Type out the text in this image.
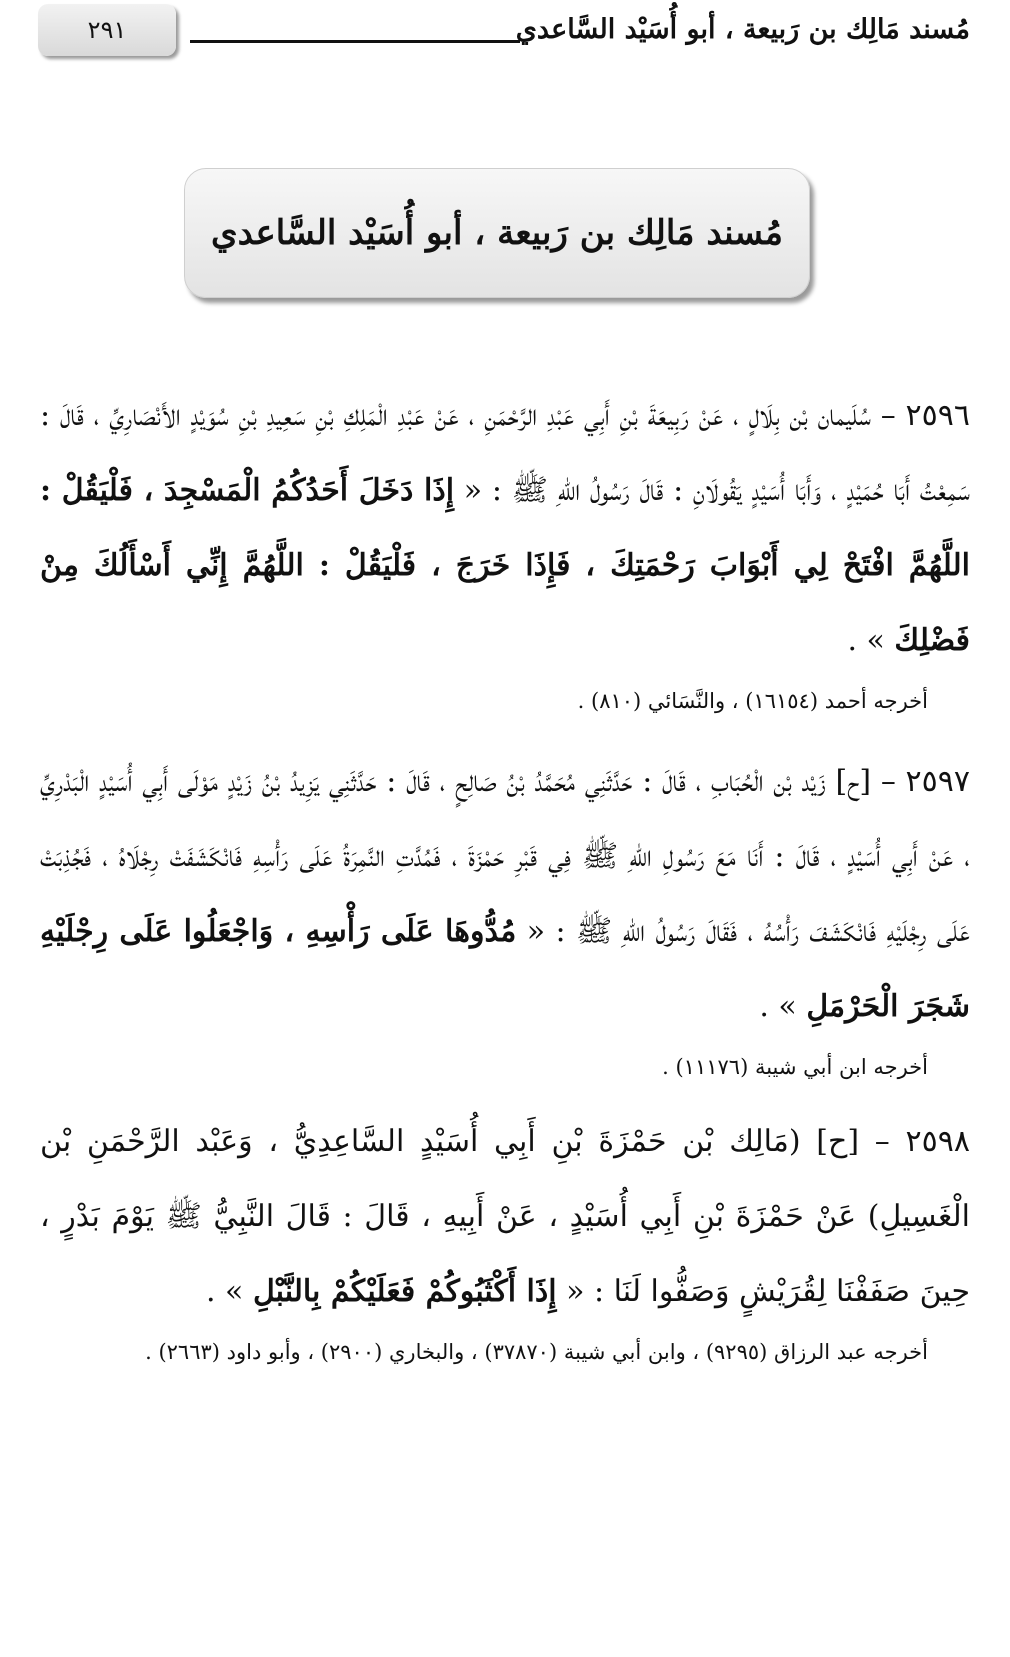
مُسند مَالِك بن رَبيعة ، أبو أُسَيْد السَّاعدي
٢٩١
مُسند مَالِك بن رَبيعة ، أبو أُسَيْد السَّاعدي

٢٥٩٦ – سُلَيمان بْن بِلَالٍ ، عَنْ رَبِيعَةَ بْنِ أَبِي عَبْدِ الرَّحْمَنِ ، عَنْ عَبْدِ الْمَلِكِ بْنِ سَعِيدِ بْنِ سُوَيْدٍ الأَنْصَارِيِّ ، قَالَ : سَمِعْتُ أَبَا حُمَيْدٍ ، وَأَبَا أُسَيْدٍ يَقُولَانِ : قَالَ رَسُولُ اللهِ ﷺ : « إِذَا دَخَلَ أَحَدُكُمُ الْمَسْجِدَ ، فَلْيَقُلْ : اللَّهُمَّ افْتَحْ لِي أَبْوَابَ رَحْمَتِكَ ، فَإِذَا خَرَجَ ، فَلْيَقُلْ : اللَّهُمَّ إِنِّي أَسْأَلُكَ مِنْ فَضْلِكَ » .

أخرجه أحمد (١٦١٥٤) ، والنَّسَائي (٨١٠) .

٢٥٩٧ – [ح] زَيْد بْن الْحُبَابِ ، قَالَ : حَدَّثَنِي مُحَمَّدُ بْنُ صَالِحٍ ، قَالَ : حَدَّثَنِي يَزِيدُ بْنُ زَيْدٍ مَوْلَى أَبِي أُسَيْدٍ الْبَدْرِيِّ ، عَنْ أَبِي أُسَيْدٍ ، قَالَ : أَنَا مَعَ رَسُولِ اللهِ ﷺ فِي قَبْرِ حَمْزَةَ ، فَمُدَّتِ النَّمِرَةُ عَلَى رَأْسِهِ فَانْكَشَفَتْ رِجْلَاهُ ، فَجُذِبَتْ عَلَى رِجْلَيْهِ فَانْكَشَفَ رَأْسُهُ ، فَقَالَ رَسُولُ اللهِ ﷺ : « مُدُّوهَا عَلَى رَأْسِهِ ، وَاجْعَلُوا عَلَى رِجْلَيْهِ شَجَرَ الْحَرْمَلِ » .

أخرجه ابن أبي شيبة (١١١٧٦) .

٢٥٩٨ – [ح] (مَالِك بْن حَمْزَةَ بْنِ أَبِي أُسَيْدٍ السَّاعِدِيُّ ، وَعَبْد الرَّحْمَنِ بْن الْغَسِيلِ) عَنْ حَمْزَةَ بْنِ أَبِي أُسَيْدٍ ، عَنْ أَبِيهِ ، قَالَ : قَالَ النَّبِيُّ ﷺ يَوْمَ بَدْرٍ ، حِينَ صَفَفْنَا لِقُرَيْشٍ وَصَفُّوا لَنَا : « إِذَا أَكْثَبُوكُمْ فَعَلَيْكُمْ بِالنَّبْلِ » .

أخرجه عبد الرزاق (٩٢٩٥) ، وابن أبي شيبة (٣٧٨٧٠) ، والبخاري (٢٩٠٠) ، وأبو داود (٢٦٦٣) .
